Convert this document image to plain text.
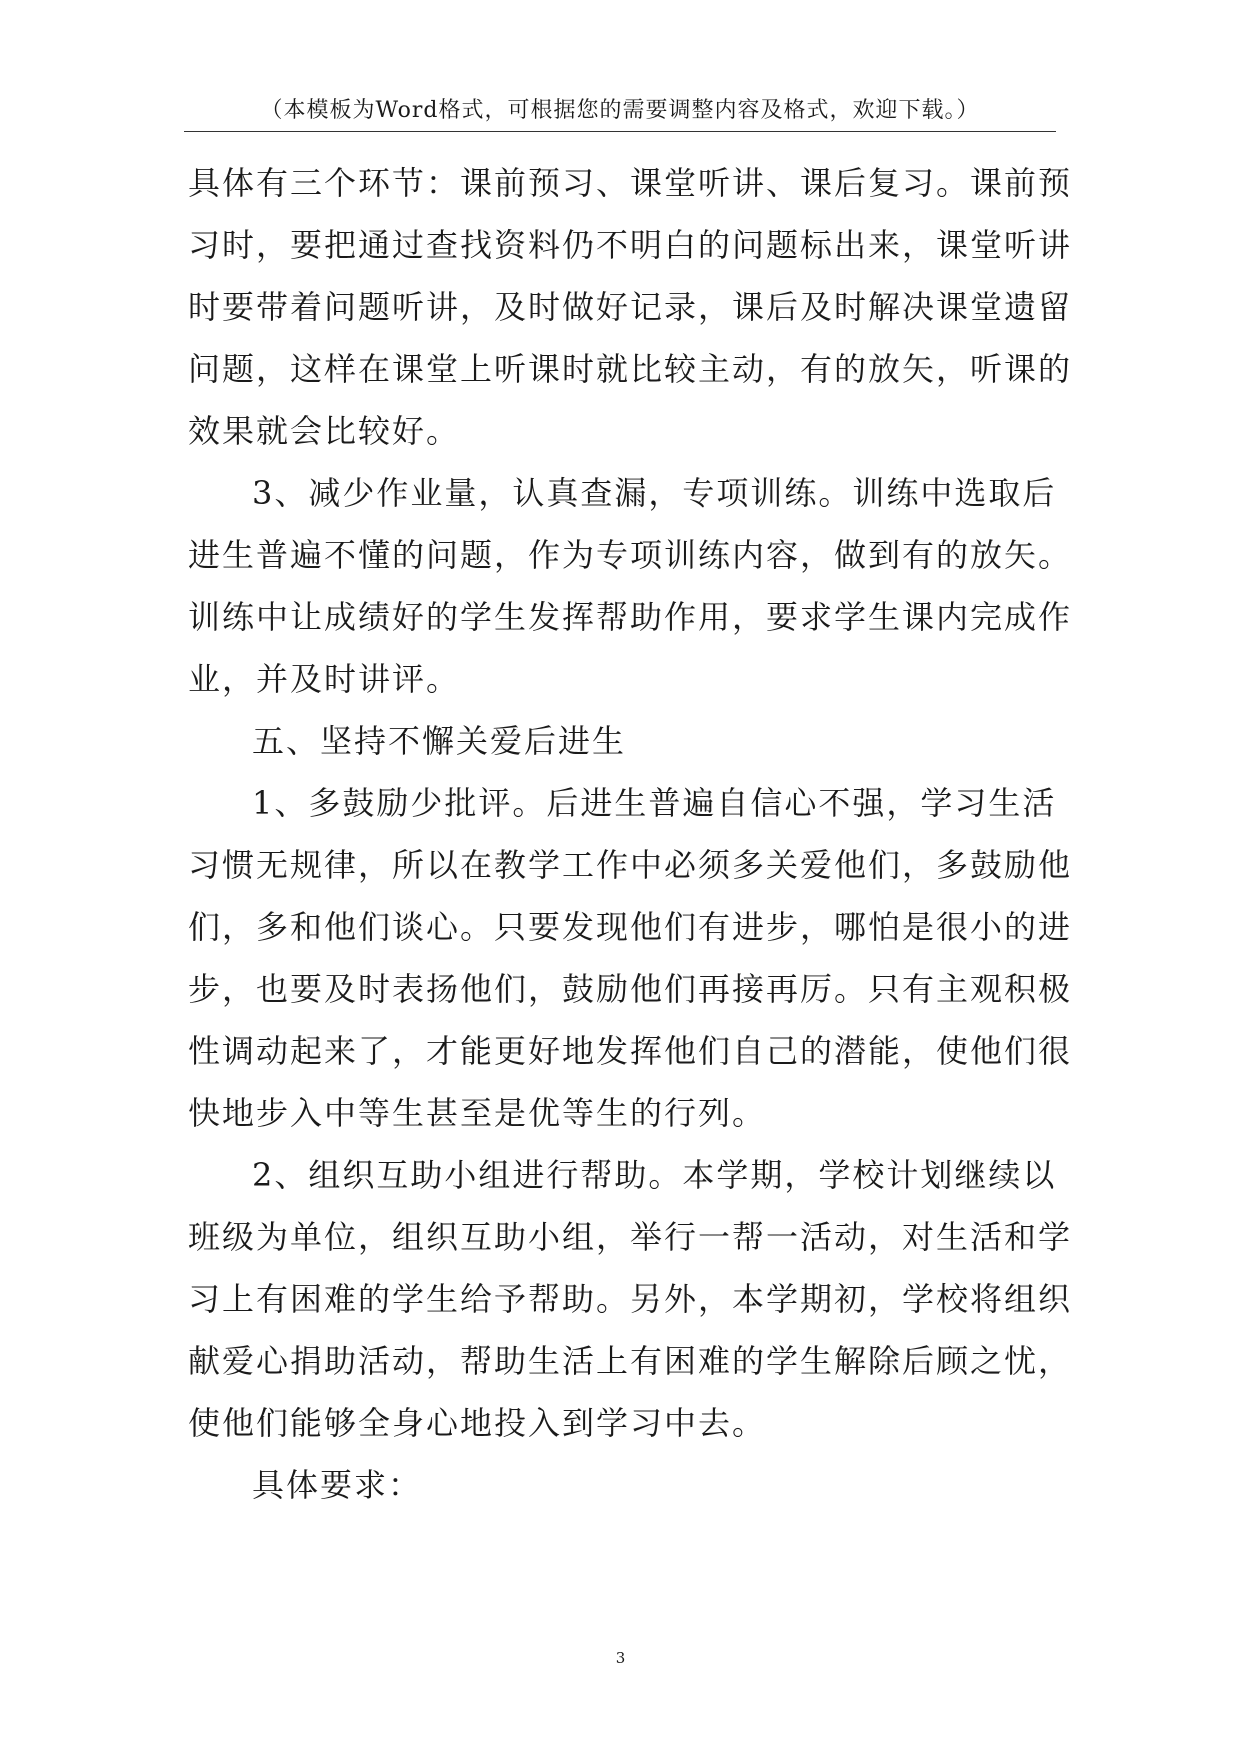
（本模板为Word格式，可根据您的需要调整内容及格式，欢迎下载。）
具体有三个环节：课前预习、课堂听讲、课后复习。课前预
习时，要把通过查找资料仍不明白的问题标出来，课堂听讲
时要带着问题听讲，及时做好记录，课后及时解决课堂遗留
问题，这样在课堂上听课时就比较主动，有的放矢，听课的
效果就会比较好。
3、减少作业量，认真查漏，专项训练。训练中选取后
进生普遍不懂的问题，作为专项训练内容，做到有的放矢。
训练中让成绩好的学生发挥帮助作用，要求学生课内完成作
业，并及时讲评。
五、坚持不懈关爱后进生
1、多鼓励少批评。后进生普遍自信心不强，学习生活
习惯无规律，所以在教学工作中必须多关爱他们，多鼓励他
们，多和他们谈心。只要发现他们有进步，哪怕是很小的进
步，也要及时表扬他们，鼓励他们再接再厉。只有主观积极
性调动起来了，才能更好地发挥他们自己的潜能，使他们很
快地步入中等生甚至是优等生的行列。
2、组织互助小组进行帮助。本学期，学校计划继续以
班级为单位，组织互助小组，举行一帮一活动，对生活和学
习上有困难的学生给予帮助。另外，本学期初，学校将组织
献爱心捐助活动，帮助生活上有困难的学生解除后顾之忧，
使他们能够全身心地投入到学习中去。
具体要求：
3
